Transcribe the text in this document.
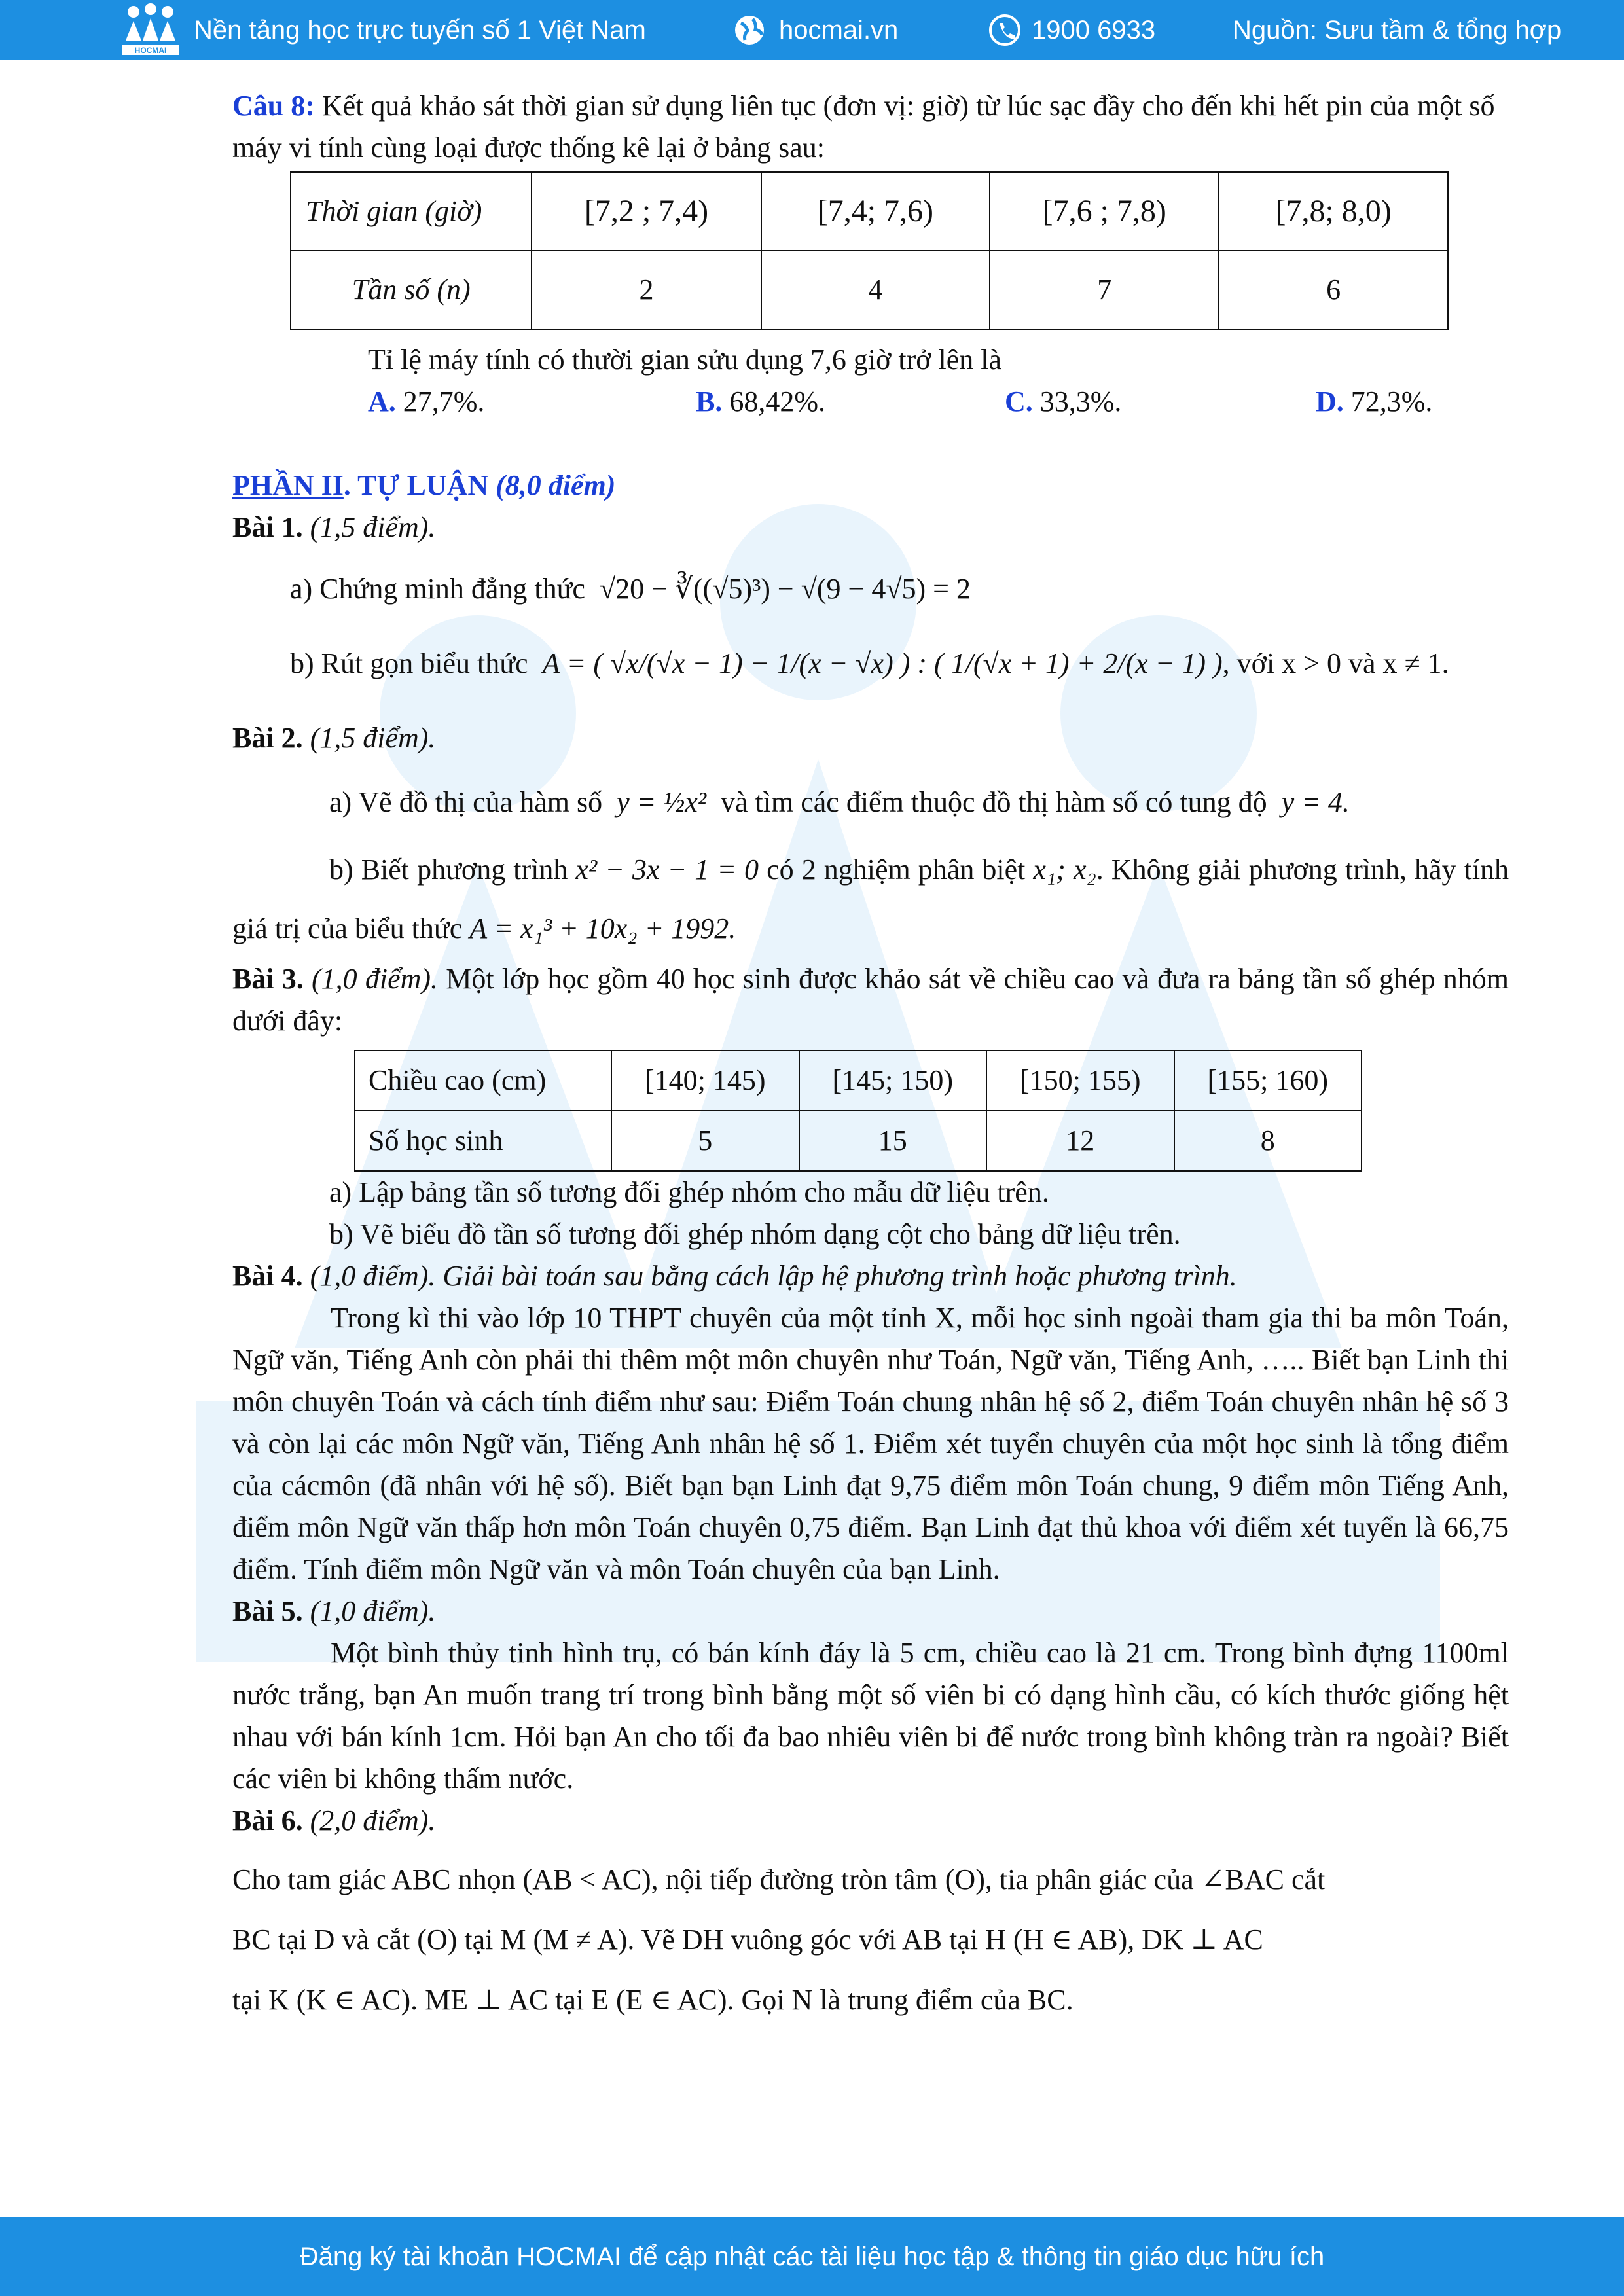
HOCMAI
Nền tảng học trực tuyến số 1 Việt Nam	hocmai.vn	1900 6933	Nguồn: Sưu tầm & tổng hợp

Câu 8: Kết quả khảo sát thời gian sử dụng liên tục (đơn vị: giờ) từ lúc sạc đầy cho đến khi hết pin của một số máy vi tính cùng loại được thống kê lại ở bảng sau:

Thời gian (giờ)	[7,2 ; 7,4)	[7,4; 7,6)	[7,6 ; 7,8)	[7,8; 8,0)
Tần số (n)	2	4	7	6

Tỉ lệ máy tính có thười gian sửu dụng 7,6 giờ trở lên là

A. 27,7%.	B. 68,42%.	C. 33,3%.	D. 72,3%.

PHẦN II. TỰ LUẬN (8,0 điểm)

Bài 1. (1,5 điểm).

a) Chứng minh đẳng thức √20 − ∛((√5)³) − √(9 − 4√5) = 2

b) Rút gọn biểu thức A = ( √x/(√x − 1) − 1/(x − √x) ) : ( 1/(√x + 1) + 2/(x − 1) ), với x > 0 và x ≠ 1.

Bài 2. (1,5 điểm).

a) Vẽ đồ thị của hàm số y = ½x² và tìm các điểm thuộc đồ thị hàm số có tung độ y = 4.

b) Biết phương trình x² − 3x − 1 = 0 có 2 nghiệm phân biệt x₁; x₂. Không giải phương trình, hãy tính giá trị của biểu thức A = x₁³ + 10x₂ + 1992.

Bài 3. (1,0 điểm). Một lớp học gồm 40 học sinh được khảo sát về chiều cao và đưa ra bảng tần số ghép nhóm dưới đây:

Chiều cao (cm)	[140; 145)	[145; 150)	[150; 155)	[155; 160)
Số học sinh	5	15	12	8

a) Lập bảng tần số tương đối ghép nhóm cho mẫu dữ liệu trên.

b) Vẽ biểu đồ tần số tương đối ghép nhóm dạng cột cho bảng dữ liệu trên.

Bài 4. (1,0 điểm). Giải bài toán sau bằng cách lập hệ phương trình hoặc phương trình.

Trong kì thi vào lớp 10 THPT chuyên của một tỉnh X, mỗi học sinh ngoài tham gia thi ba môn Toán, Ngữ văn, Tiếng Anh còn phải thi thêm một môn chuyên như Toán, Ngữ văn, Tiếng Anh, ….. Biết bạn Linh thi môn chuyên Toán và cách tính điểm như sau: Điểm Toán chung nhân hệ số 2, điểm Toán chuyên nhân hệ số 3 và còn lại các môn Ngữ văn, Tiếng Anh nhân hệ số 1. Điểm xét tuyển chuyên của một học sinh là tổng điểm của cácmôn (đã nhân với hệ số). Biết bạn bạn Linh đạt 9,75 điểm môn Toán chung, 9 điểm môn Tiếng Anh, điểm môn Ngữ văn thấp hơn môn Toán chuyên 0,75 điểm. Bạn Linh đạt thủ khoa với điểm xét tuyển là 66,75 điểm. Tính điểm môn Ngữ văn và môn Toán chuyên của bạn Linh.

Bài 5. (1,0 điểm).

Một bình thủy tinh hình trụ, có bán kính đáy là 5 cm, chiều cao là 21 cm. Trong bình đựng 1100ml nước trắng, bạn An muốn trang trí trong bình bằng một số viên bi có dạng hình cầu, có kích thước giống hệt nhau với bán kính 1cm. Hỏi bạn An cho tối đa bao nhiêu viên bi để nước trong bình không tràn ra ngoài? Biết các viên bi không thấm nước.

Bài 6. (2,0 điểm).

Cho tam giác ABC nhọn (AB < AC), nội tiếp đường tròn tâm (O), tia phân giác của ∠BAC cắt

BC tại D và cắt (O) tại M (M ≠ A). Vẽ DH vuông góc với AB tại H (H ∈ AB), DK ⊥ AC

tại K (K ∈ AC). ME ⊥ AC tại E (E ∈ AC). Gọi N là trung điểm của BC.

Đăng ký tài khoản HOCMAI để cập nhật các tài liệu học tập & thông tin giáo dục hữu ích
